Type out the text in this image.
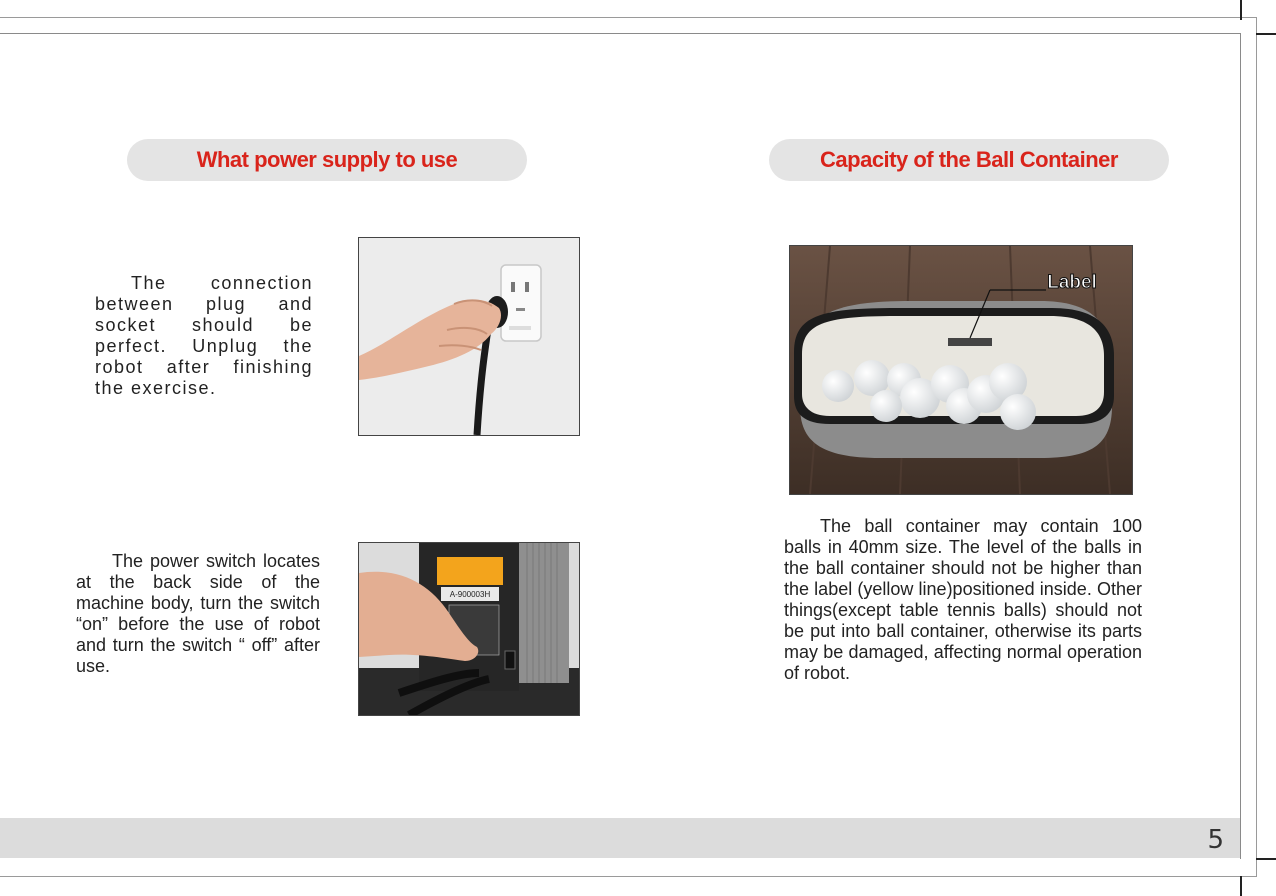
What power supply to use
The connection between plug and socket should be perfect. Unplug the robot after finishing the exercise.
The power switch locates at the back side of the machine body, turn the switch “on” before the use of robot and turn the switch “ off” after use.
A-900003H
Capacity of the Ball Container
Label
The ball container may contain 100 balls in 40mm size. The level of the balls in the ball container should not be higher than the label (yellow line)positioned inside. Other things(except table tennis balls) should not be put into ball container, otherwise its parts may be damaged, affecting normal operation of robot.
5
